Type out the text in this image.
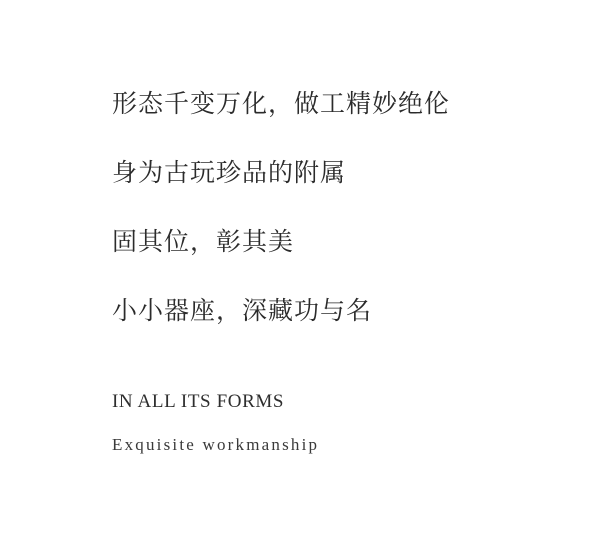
形态千变万化，做工精妙绝伦
身为古玩珍品的附属
固其位，彰其美
小小器座，深藏功与名
IN ALL ITS FORMS
Exquisite workmanship
